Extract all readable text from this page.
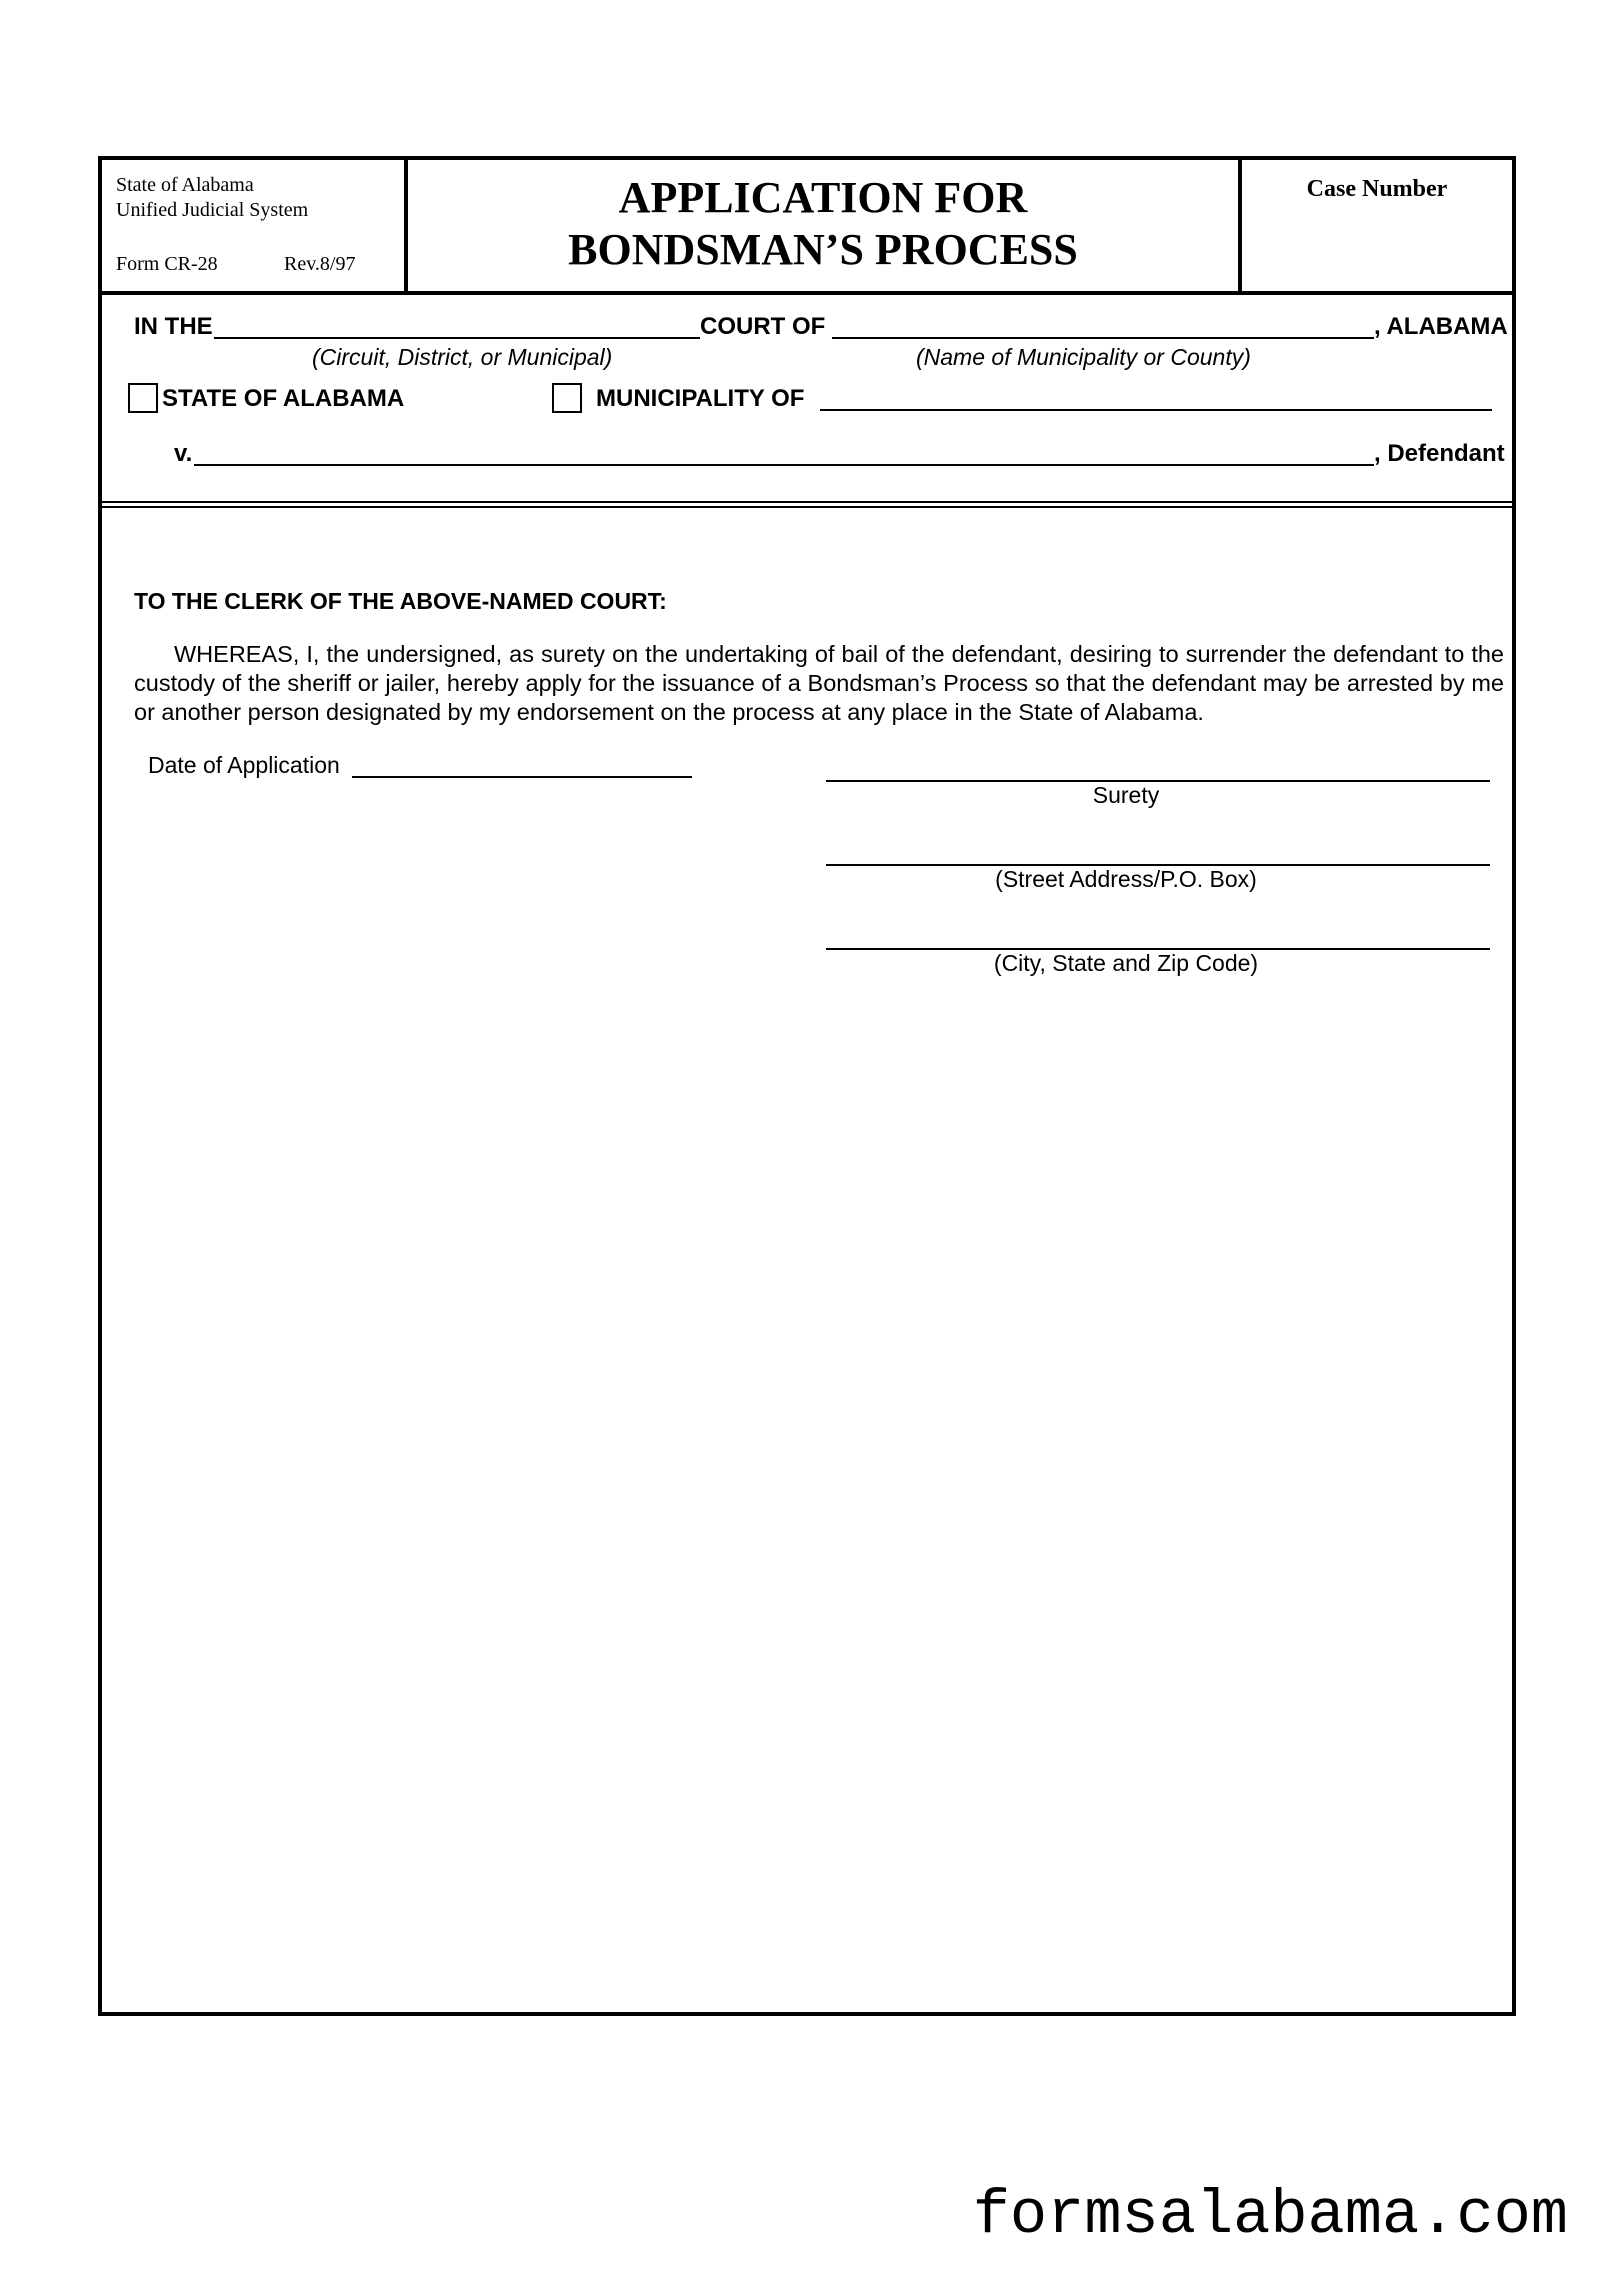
State of Alabama
Unified Judicial System
Form CR-28	Rev.8/97
APPLICATION FOR
BONDSMAN’S PROCESS
Case Number
IN THE	COURT OF	, ALABAMA
(Circuit, District, or Municipal)	(Name of Municipality or County)
STATE OF ALABAMA	MUNICIPALITY OF
v.	, Defendant
TO THE CLERK OF THE ABOVE-NAMED COURT:
WHEREAS, I, the undersigned, as surety on the undertaking of bail of the defendant, desiring to surrender the defendant to the custody of the sheriff or jailer, hereby apply for the issuance of a Bondsman’s Process so that the defendant may be arrested by me or another person designated by my endorsement on the process at any place in the State of Alabama.
Date of Application
Surety
(Street Address/P.O. Box)
(City, State and Zip Code)
formsalabama.com
